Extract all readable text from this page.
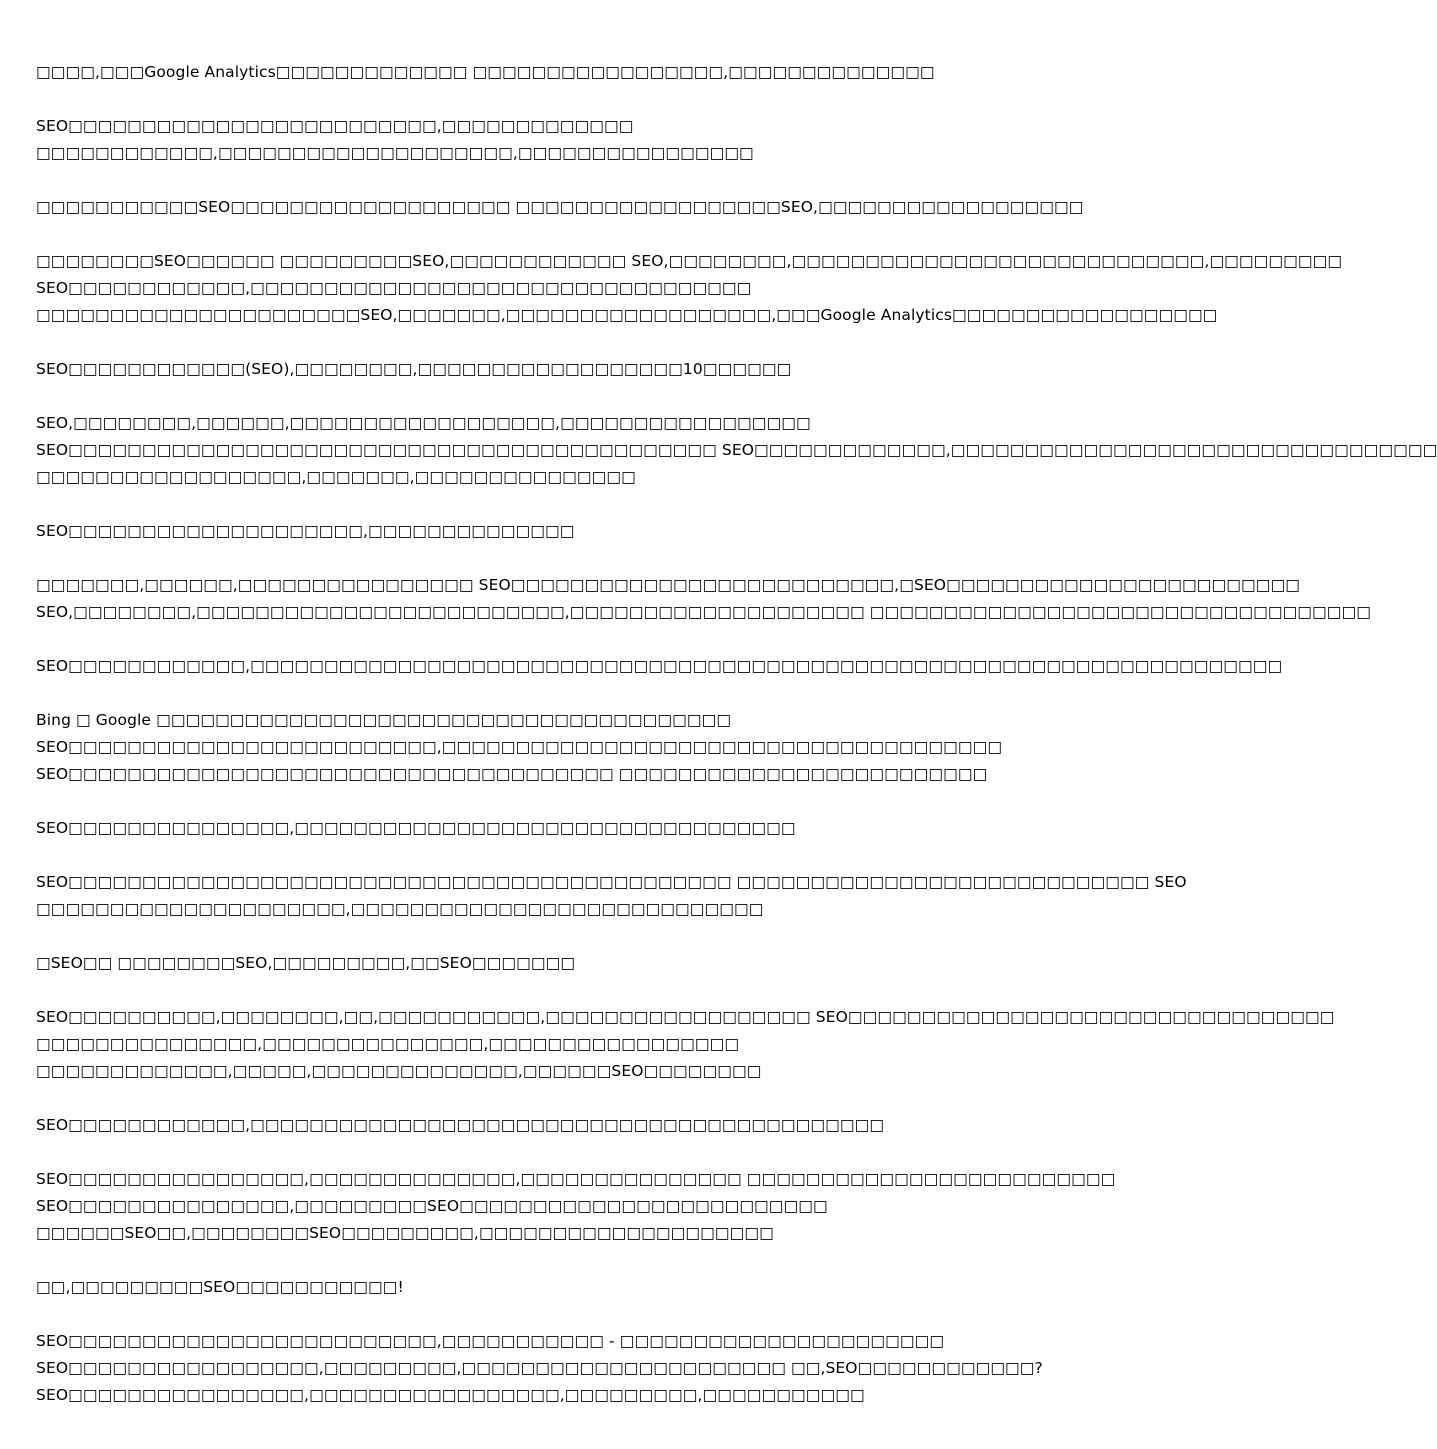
□□□□,□□□Google Analytics□□□□□□□□□□□□□ □□□□□□□□□□□□□□□□□,□□□□□□□□□□□□□□
SEO□□□□□□□□□□□□□□□□□□□□□□□□□,□□□□□□□□□□□□□
□□□□□□□□□□□□,□□□□□□□□□□□□□□□□□□□□,□□□□□□□□□□□□□□□□
□□□□□□□□□□□SEO□□□□□□□□□□□□□□□□□□□ □□□□□□□□□□□□□□□□□□SEO,□□□□□□□□□□□□□□□□□□
□□□□□□□□SEO□□□□□□ □□□□□□□□□SEO,□□□□□□□□□□□□ SEO,□□□□□□□□,□□□□□□□□□□□□□□□□□□□□□□□□□□□□,□□□□□□□□□
SEO□□□□□□□□□□□□,□□□□□□□□□□□□□□□□□□□□□□□□□□□□□□□□□□
□□□□□□□□□□□□□□□□□□□□□□SEO,□□□□□□□,□□□□□□□□□□□□□□□□□□,□□□Google Analytics□□□□□□□□□□□□□□□□□□
SEO□□□□□□□□□□□□(SEO),□□□□□□□□,□□□□□□□□□□□□□□□□□□10□□□□□□
SEO,□□□□□□□□,□□□□□□,□□□□□□□□□□□□□□□□□□,□□□□□□□□□□□□□□□□□
SEO□□□□□□□□□□□□□□□□□□□□□□□□□□□□□□□□□□□□□□□□□□□□ SEO□□□□□□□□□□□□□,□□□□□□□□□□□□□□□□□□□□□□□□□□□□□□□□□
□□□□□□□□□□□□□□□□□□,□□□□□□□,□□□□□□□□□□□□□□□
SEO□□□□□□□□□□□□□□□□□□□□,□□□□□□□□□□□□□□
□□□□□□□,□□□□□□,□□□□□□□□□□□□□□□□ SEO□□□□□□□□□□□□□□□□□□□□□□□□□□,□SEO□□□□□□□□□□□□□□□□□□□□□□□□
SEO,□□□□□□□□,□□□□□□□□□□□□□□□□□□□□□□□□□,□□□□□□□□□□□□□□□□□□□□ □□□□□□□□□□□□□□□□□□□□□□□□□□□□□□□□□□
SEO□□□□□□□□□□□□,□□□□□□□□□□□□□□□□□□□□□□□□□□□□□□□□□□□□□□□□□□□□□□□□□□□□□□□□□□□□□□□□□□□□□□
Bing □ Google □□□□□□□□□□□□□□□□□□□□□□□□□□□□□□□□□□□□□□□
SEO□□□□□□□□□□□□□□□□□□□□□□□□□,□□□□□□□□□□□□□□□□□□□□□□□□□□□□□□□□□□□□□□
SEO□□□□□□□□□□□□□□□□□□□□□□□□□□□□□□□□□□□□□ □□□□□□□□□□□□□□□□□□□□□□□□□
SEO□□□□□□□□□□□□□□□,□□□□□□□□□□□□□□□□□□□□□□□□□□□□□□□□□□
SEO□□□□□□□□□□□□□□□□□□□□□□□□□□□□□□□□□□□□□□□□□□□□□ □□□□□□□□□□□□□□□□□□□□□□□□□□□□ SEO
□□□□□□□□□□□□□□□□□□□□□,□□□□□□□□□□□□□□□□□□□□□□□□□□□□
□SEO□□ □□□□□□□□SEO,□□□□□□□□□,□□SEO□□□□□□□
SEO□□□□□□□□□□,□□□□□□□□,□□,□□□□□□□□□□□,□□□□□□□□□□□□□□□□□□ SEO□□□□□□□□□□□□□□□□□□□□□□□□□□□□□□□□□
□□□□□□□□□□□□□□□,□□□□□□□□□□□□□□□,□□□□□□□□□□□□□□□□□
□□□□□□□□□□□□□,□□□□□,□□□□□□□□□□□□□□,□□□□□□SEO□□□□□□□□
SEO□□□□□□□□□□□□,□□□□□□□□□□□□□□□□□□□□□□□□□□□□□□□□□□□□□□□□□□□
SEO□□□□□□□□□□□□□□□□,□□□□□□□□□□□□□□,□□□□□□□□□□□□□□□ □□□□□□□□□□□□□□□□□□□□□□□□□
SEO□□□□□□□□□□□□□□□,□□□□□□□□□SEO□□□□□□□□□□□□□□□□□□□□□□□□□
□□□□□□SEO□□,□□□□□□□□SEO□□□□□□□□□,□□□□□□□□□□□□□□□□□□□□
□□,□□□□□□□□□SEO□□□□□□□□□□□!
SEO□□□□□□□□□□□□□□□□□□□□□□□□□,□□□□□□□□□□□ - □□□□□□□□□□□□□□□□□□□□□□
SEO□□□□□□□□□□□□□□□□□,□□□□□□□□□,□□□□□□□□□□□□□□□□□□□□□□ □□,SEO□□□□□□□□□□□□?
SEO□□□□□□□□□□□□□□□□,□□□□□□□□□□□□□□□□□,□□□□□□□□□,□□□□□□□□□□□
